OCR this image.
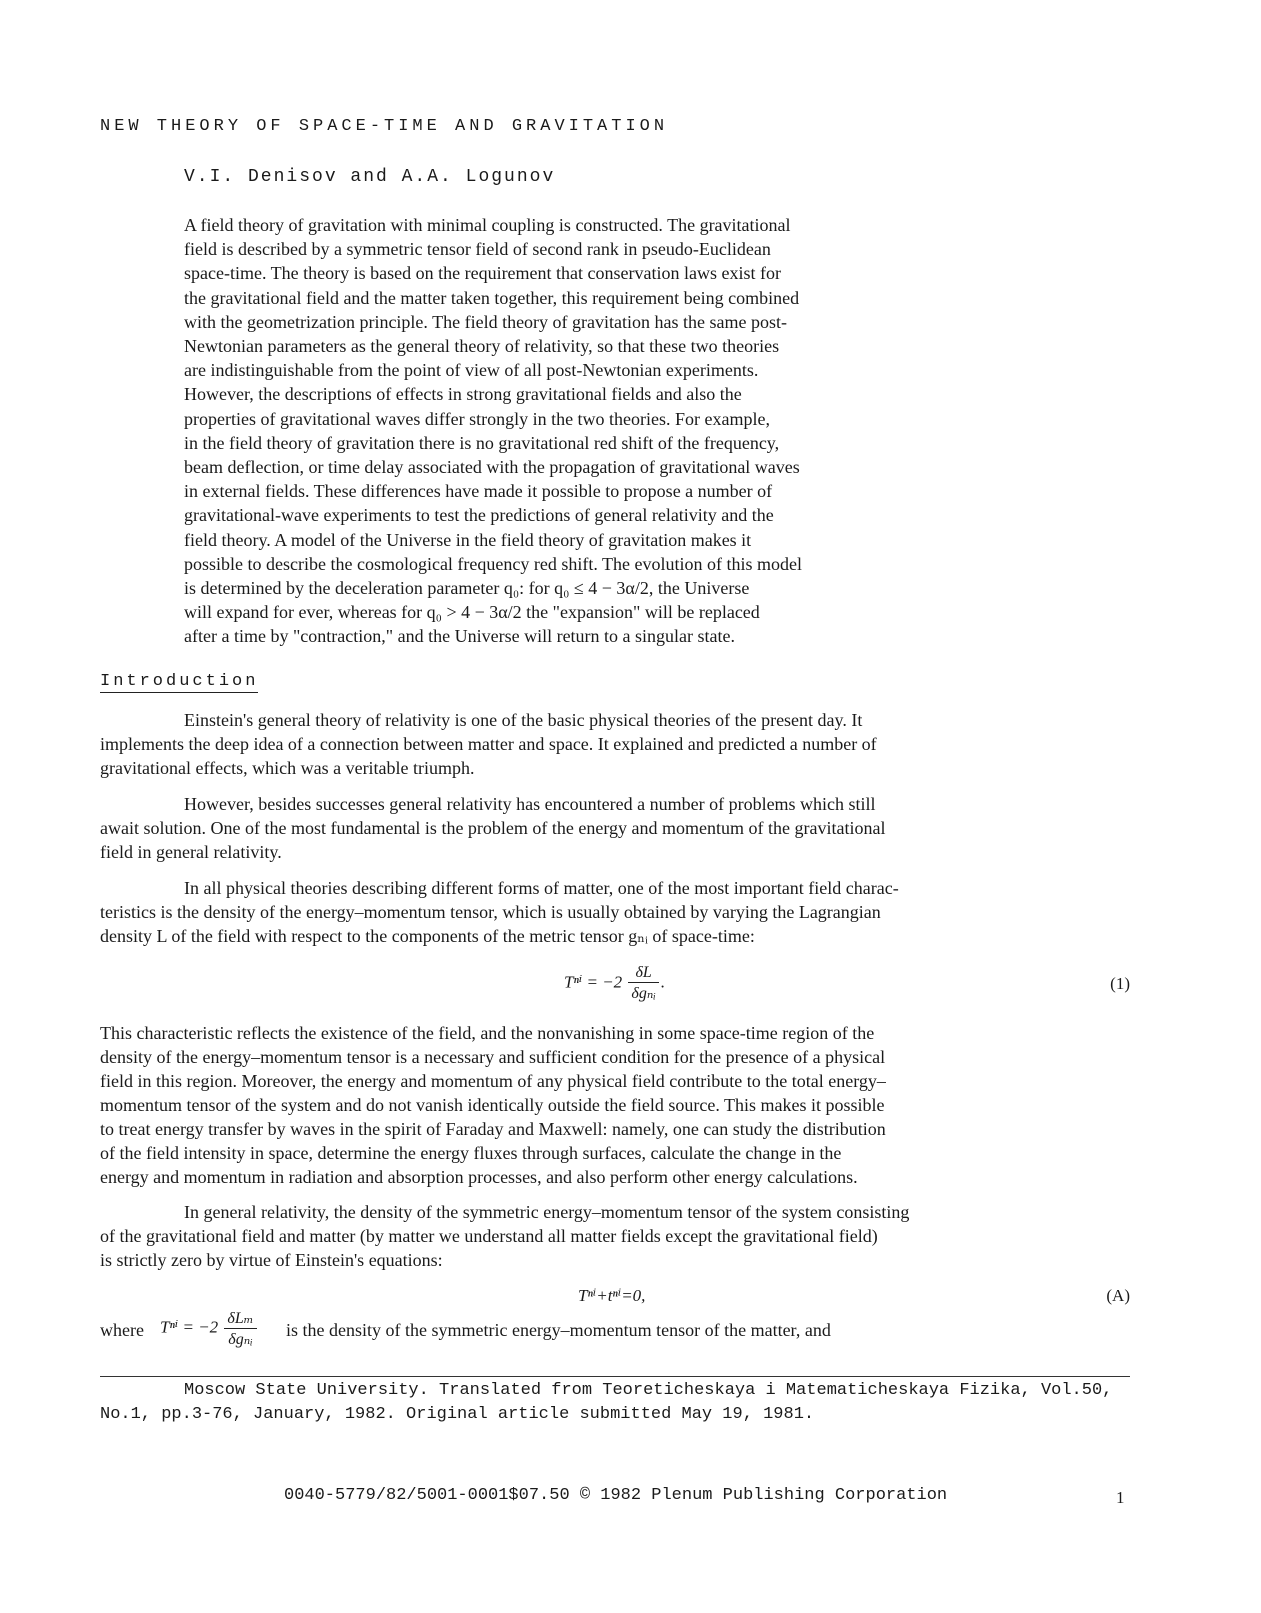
NEW THEORY OF SPACE-TIME AND GRAVITATION
V.I. Denisov and A.A. Logunov
A field theory of gravitation with minimal coupling is constructed. The gravitational
field is described by a symmetric tensor field of second rank in pseudo-Euclidean
space-time. The theory is based on the requirement that conservation laws exist for
the gravitational field and the matter taken together, this requirement being combined
with the geometrization principle. The field theory of gravitation has the same post-
Newtonian parameters as the general theory of relativity, so that these two theories
are indistinguishable from the point of view of all post-Newtonian experiments.
However, the descriptions of effects in strong gravitational fields and also the
properties of gravitational waves differ strongly in the two theories. For example,
in the field theory of gravitation there is no gravitational red shift of the frequency,
beam deflection, or time delay associated with the propagation of gravitational waves
in external fields. These differences have made it possible to propose a number of
gravitational-wave experiments to test the predictions of general relativity and the
field theory. A model of the Universe in the field theory of gravitation makes it
possible to describe the cosmological frequency red shift. The evolution of this model
is determined by the deceleration parameter q₀: for q₀ ≤ 4 − 3α/2, the Universe
will expand for ever, whereas for q₀ > 4 − 3α/2 the "expansion" will be replaced
after a time by "contraction," and the Universe will return to a singular state.
Introduction
Einstein's general theory of relativity is one of the basic physical theories of the present day. It
implements the deep idea of a connection between matter and space. It explained and predicted a number of
gravitational effects, which was a veritable triumph.
However, besides successes general relativity has encountered a number of problems which still
await solution. One of the most fundamental is the problem of the energy and momentum of the gravitational
field in general relativity.
In all physical theories describing different forms of matter, one of the most important field charac-
teristics is the density of the energy–momentum tensor, which is usually obtained by varying the Lagrangian
density L of the field with respect to the components of the metric tensor gₙᵢ of space-time:
$T^{ni} = -2 \frac{\delta L}{\text{δgₙᵢ}}$ .	(1)
This characteristic reflects the existence of the field, and the nonvanishing in some space-time region of the
density of the energy–momentum tensor is a necessary and sufficient condition for the presence of a physical
field in this region. Moreover, the energy and momentum of any physical field contribute to the total energy–
momentum tensor of the system and do not vanish identically outside the field source. This makes it possible
to treat energy transfer by waves in the spirit of Faraday and Maxwell: namely, one can study the distribution
of the field intensity in space, determine the energy fluxes through surfaces, calculate the change in the
energy and momentum in radiation and absorption processes, and also perform other energy calculations.
In general relativity, the density of the symmetric energy–momentum tensor of the system consisting
of the gravitational field and matter (by matter we understand all matter fields except the gravitational field)
is strictly zero by virtue of Einstein's equations:
Tⁿⁱ+tⁿⁱ=0,	(A)
where $T^{ni} = -2 \frac{\text{δLₘ}}{\text{δgₙᵢ}}$ is the density of the symmetric energy–momentum tensor of the matter, and
Moscow State University. Translated from Teoreticheskaya i Matematicheskaya Fizika, Vol.50,
No.1, pp.3-76, January, 1982. Original article submitted May 19, 1981.
0040-5779/82/5001-0001$07.50 © 1982 Plenum Publishing Corporation	1
